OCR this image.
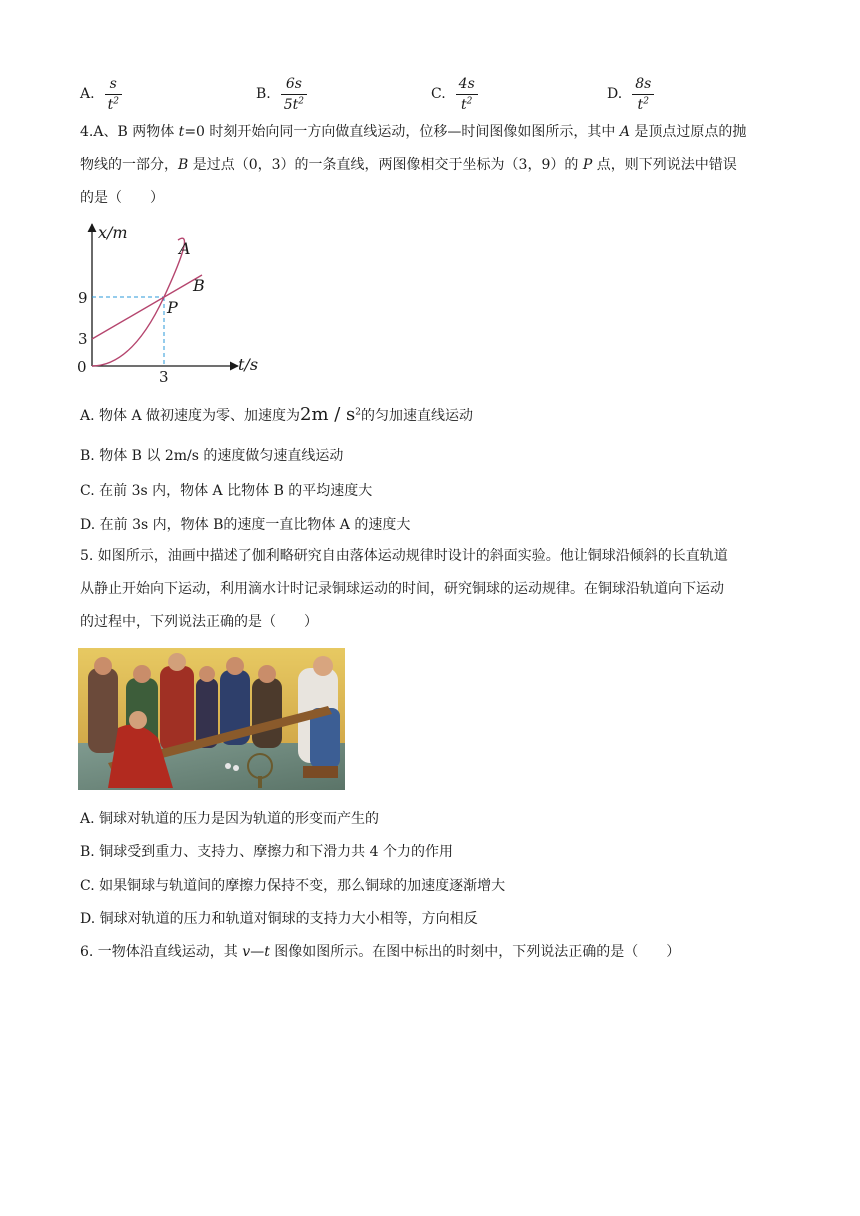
A. $\frac{s}{t^2}$	B. $\frac{6s}{5t^2}$	C. $\frac{4s}{t^2}$	D. $\frac{8s}{t^2}$
4.A、B 两物体 t=0 时刻开始向同一方向做直线运动，位移—时间图像如图所示，其中 A 是顶点过原点的抛
物线的一部分，B 是过点（0，3）的一条直线，两图像相交于坐标为（3，9）的 P 点，则下列说法中错误
的是（　　）
x/m
t/s
0
3
9
3
A
B
P
A. 物体 A 做初速度为零、加速度为$2m / s^2$的匀加速直线运动
B. 物体 B 以 2m/s 的速度做匀速直线运动
C. 在前 3s 内，物体 A 比物体 B 的平均速度大
D. 在前 3s 内，物体 B的速度一直比物体 A 的速度大
5. 如图所示，油画中描述了伽利略研究自由落体运动规律时设计的斜面实验。他让铜球沿倾斜的长直轨道
从静止开始向下运动，利用滴水计时记录铜球运动的时间，研究铜球的运动规律。在铜球沿轨道向下运动
的过程中，下列说法正确的是（　　）
A. 铜球对轨道的压力是因为轨道的形变而产生的
B. 铜球受到重力、支持力、摩擦力和下滑力共 4 个力的作用
C. 如果铜球与轨道间的摩擦力保持不变，那么铜球的加速度逐渐增大
D. 铜球对轨道的压力和轨道对铜球的支持力大小相等，方向相反
6. 一物体沿直线运动，其 v—t 图像如图所示。在图中标出的时刻中，下列说法正确的是（　　）
